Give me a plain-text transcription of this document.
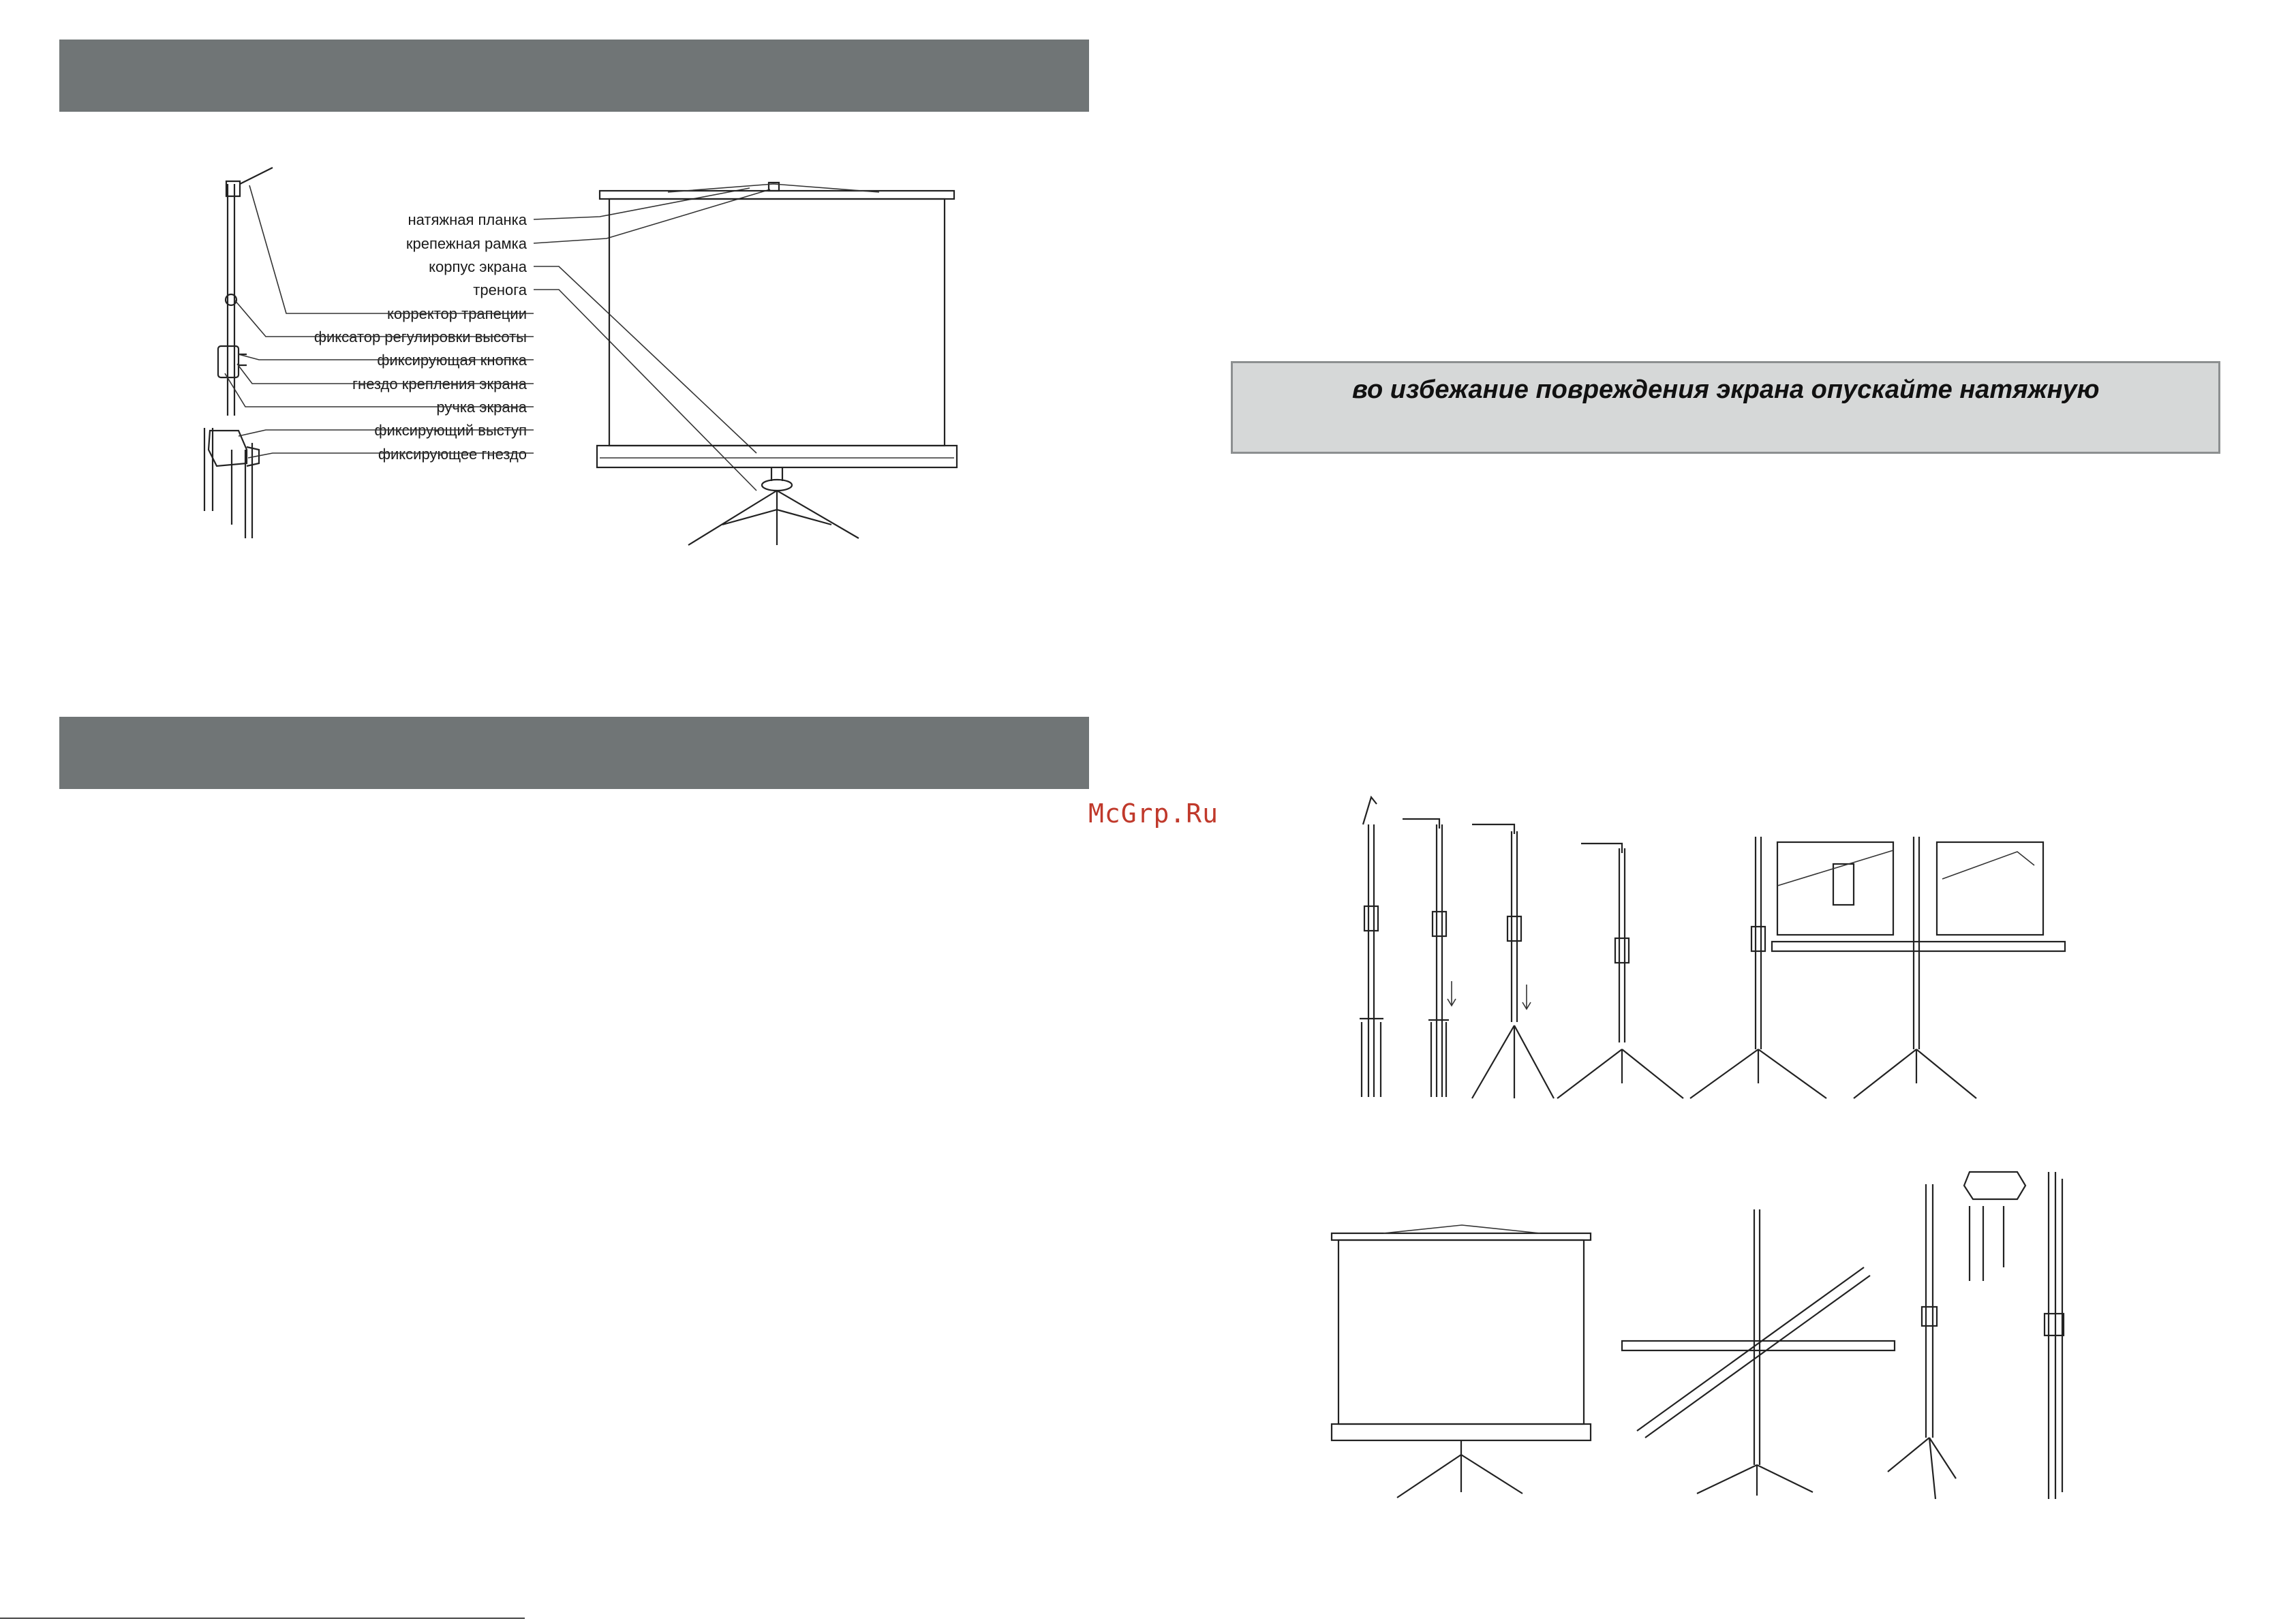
натяжная планка
крепежная рамка
корпус экрана
тренога
корректор трапеции
фиксатор регулировки высоты
фиксирующая кнопка
гнездо крепления экрана
ручка экрана
фиксирующий выступ
фиксирующее гнездо
во избежание повреждения экрана опускайте натяжную
McGrp.Ru
